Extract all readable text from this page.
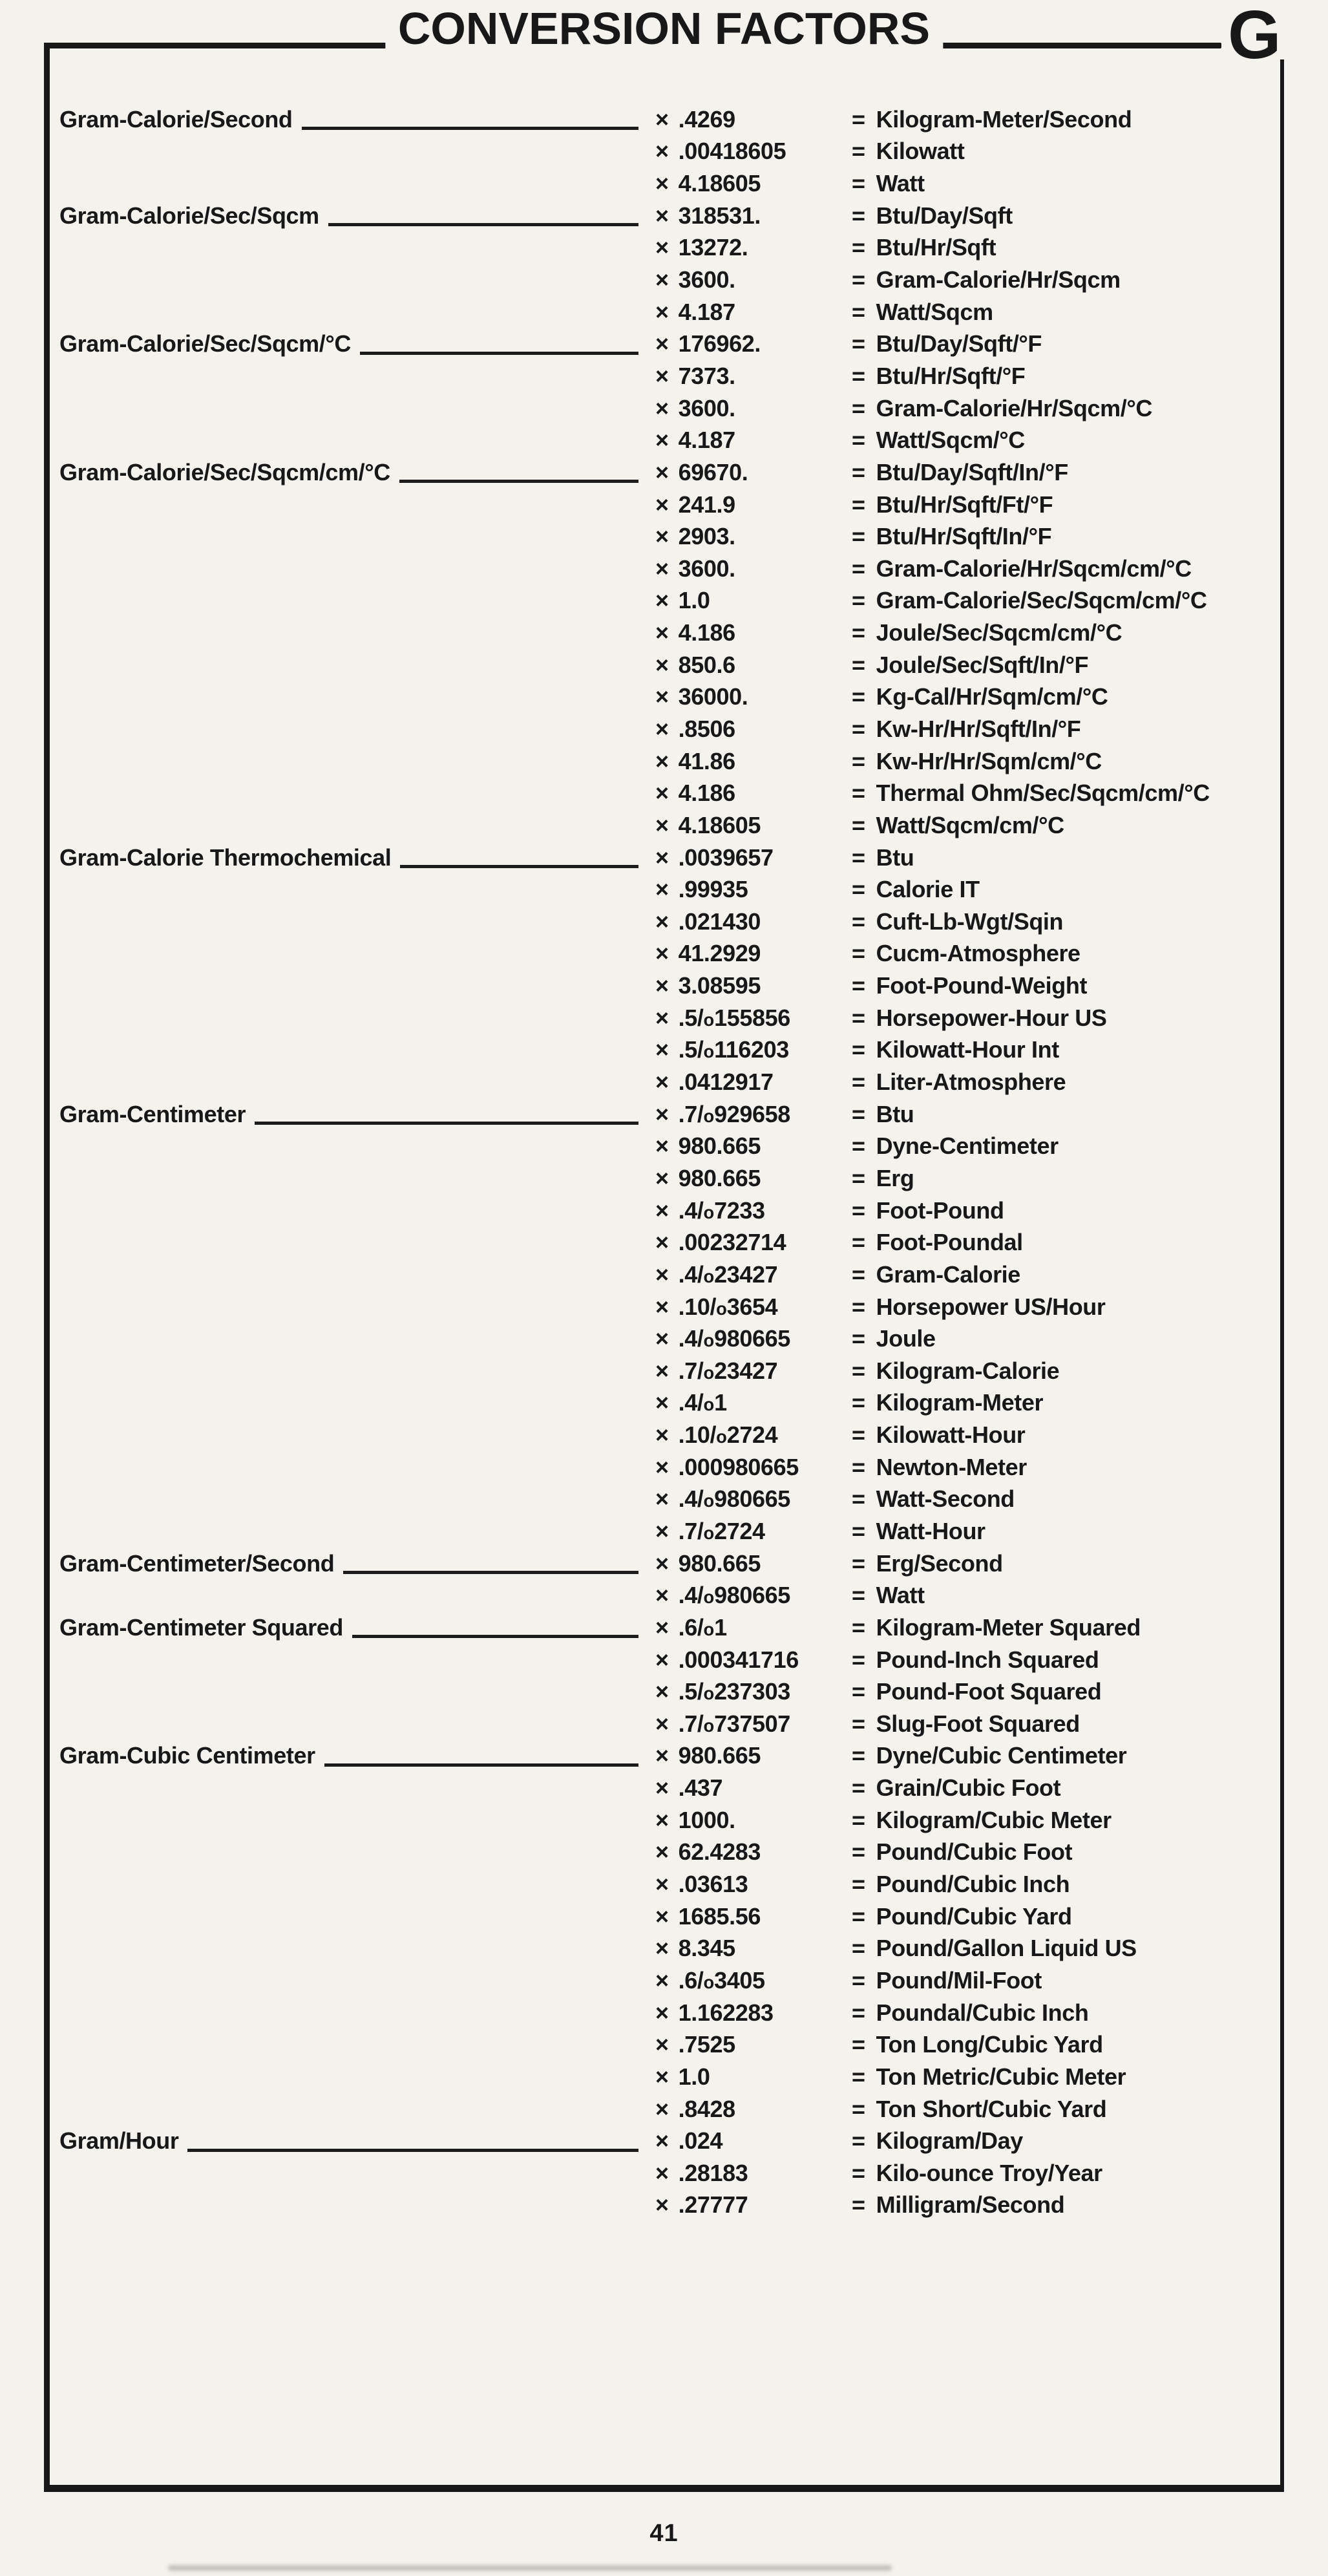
CONVERSION FACTORS	G
Gram-Calorie/Second	× .4269	= Kilogram-Meter/Second
× .00418605	= Kilowatt
× 4.18605	= Watt
Gram-Calorie/Sec/Sqcm	× 318531.	= Btu/Day/Sqft
× 13272.	= Btu/Hr/Sqft
× 3600.	= Gram-Calorie/Hr/Sqcm
× 4.187	= Watt/Sqcm
Gram-Calorie/Sec/Sqcm/°C	× 176962.	= Btu/Day/Sqft/°F
× 7373.	= Btu/Hr/Sqft/°F
× 3600.	= Gram-Calorie/Hr/Sqcm/°C
× 4.187	= Watt/Sqcm/°C
Gram-Calorie/Sec/Sqcm/cm/°C	× 69670.	= Btu/Day/Sqft/In/°F
× 241.9	= Btu/Hr/Sqft/Ft/°F
× 2903.	= Btu/Hr/Sqft/In/°F
× 3600.	= Gram-Calorie/Hr/Sqcm/cm/°C
× 1.0	= Gram-Calorie/Sec/Sqcm/cm/°C
× 4.186	= Joule/Sec/Sqcm/cm/°C
× 850.6	= Joule/Sec/Sqft/In/°F
× 36000.	= Kg-Cal/Hr/Sqm/cm/°C
× .8506	= Kw-Hr/Hr/Sqft/In/°F
× 41.86	= Kw-Hr/Hr/Sqm/cm/°C
× 4.186	= Thermal Ohm/Sec/Sqcm/cm/°C
× 4.18605	= Watt/Sqcm/cm/°C
Gram-Calorie Thermochemical	× .0039657	= Btu
× .99935	= Calorie IT
× .021430	= Cuft-Lb-Wgt/Sqin
× 41.2929	= Cucm-Atmosphere
× 3.08595	= Foot-Pound-Weight
× .5/o155856	= Horsepower-Hour US
× .5/o116203	= Kilowatt-Hour Int
× .0412917	= Liter-Atmosphere
Gram-Centimeter	× .7/o929658	= Btu
× 980.665	= Dyne-Centimeter
× 980.665	= Erg
× .4/o7233	= Foot-Pound
× .00232714	= Foot-Poundal
× .4/o23427	= Gram-Calorie
× .10/o3654	= Horsepower US/Hour
× .4/o980665	= Joule
× .7/o23427	= Kilogram-Calorie
× .4/o1	= Kilogram-Meter
× .10/o2724	= Kilowatt-Hour
× .000980665 = Newton-Meter
× .4/o980665	= Watt-Second
× .7/o2724	= Watt-Hour
Gram-Centimeter/Second	× 980.665	= Erg/Second
× .4/o980665	= Watt
Gram-Centimeter Squared	× .6/o1	= Kilogram-Meter Squared
× .000341716 = Pound-Inch Squared
× .5/o237303	= Pound-Foot Squared
× .7/o737507	= Slug-Foot Squared
Gram-Cubic Centimeter	× 980.665	= Dyne/Cubic Centimeter
× .437	= Grain/Cubic Foot
× 1000.	= Kilogram/Cubic Meter
× 62.4283	= Pound/Cubic Foot
× .03613	= Pound/Cubic Inch
× 1685.56	= Pound/Cubic Yard
× 8.345	= Pound/Gallon Liquid US
× .6/o3405	= Pound/Mil-Foot
× 1.162283	= Poundal/Cubic Inch
× .7525	= Ton Long/Cubic Yard
× 1.0	= Ton Metric/Cubic Meter
× .8428	= Ton Short/Cubic Yard
Gram/Hour	× .024	= Kilogram/Day
× .28183	= Kilo-ounce Troy/Year
× .27777	= Milligram/Second
41
